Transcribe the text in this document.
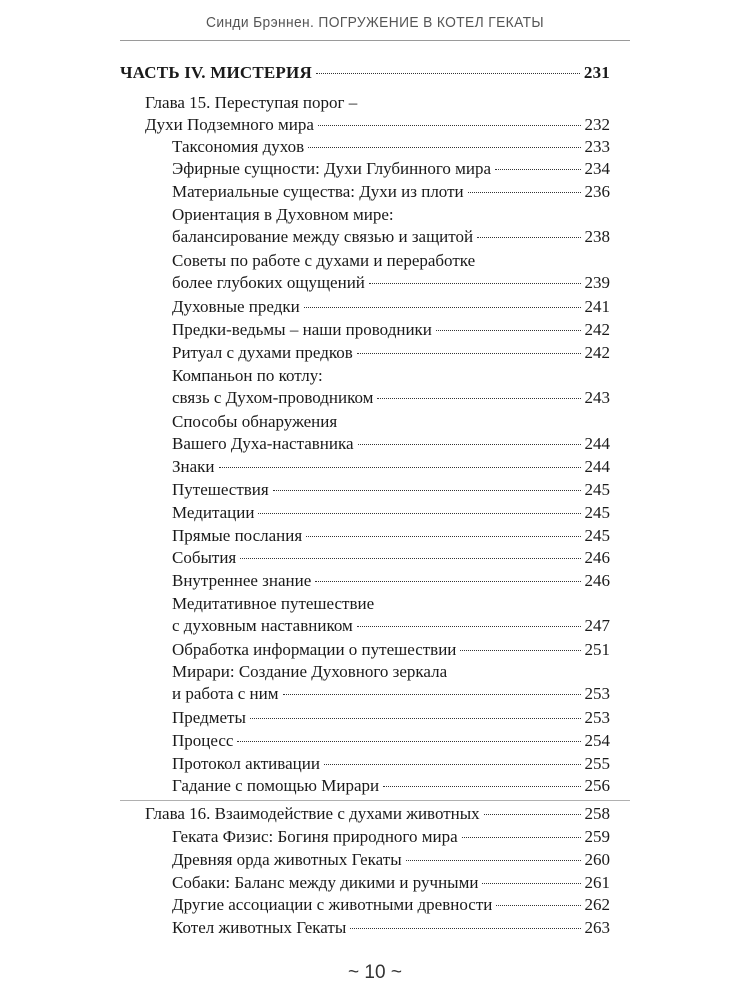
Синди Брэннен. ПОГРУЖЕНИЕ В КОТЕЛ ГЕКАТЫ
ЧАСТЬ IV. МИСТЕРИЯ	231
Глава 15. Переступая порог –
Духи Подземного мира	232
Таксономия духов	233
Эфирные сущности: Духи Глубинного мира	234
Материальные существа: Духи из плоти	236
Ориентация в Духовном мире:
балансирование между связью и защитой	238
Советы по работе с духами и переработке
более глубоких ощущений	239
Духовные предки	241
Предки-ведьмы – наши проводники	242
Ритуал с духами предков	242
Компаньон по котлу:
связь с Духом-проводником	243
Способы обнаружения
Вашего Духа-наставника	244
Знаки	244
Путешествия	245
Медитации	245
Прямые послания	245
События	246
Внутреннее знание	246
Медитативное путешествие
с духовным наставником	247
Обработка информации о путешествии	251
Мирари: Создание Духовного зеркала
и работа с ним	253
Предметы	253
Процесс	254
Протокол активации	255
Гадание с помощью Мирари	256
Глава 16. Взаимодействие с духами животных	258
Геката Физис: Богиня природного мира	259
Древняя орда животных Гекаты	260
Собаки: Баланс между дикими и ручными	261
Другие ассоциации с животными древности	262
Котел животных Гекаты	263
~ 10 ~
